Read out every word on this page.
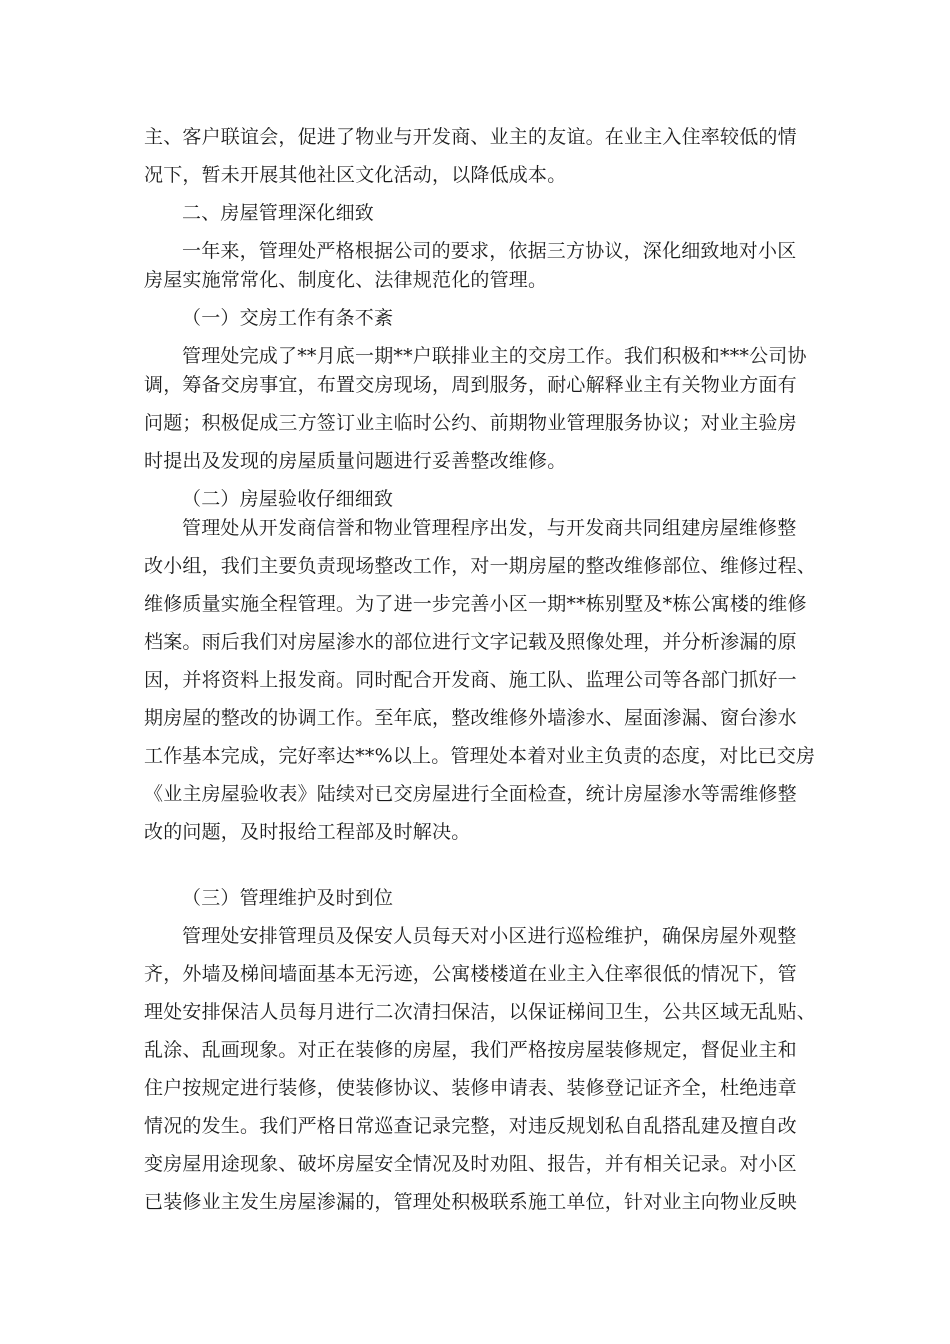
主、客户联谊会，促进了物业与开发商、业主的友谊。在业主入住率较低的情
况下，暂未开展其他社区文化活动，以降低成本。
二、房屋管理深化细致
一年来，管理处严格根据公司的要求，依据三方协议，深化细致地对小区
房屋实施常常化、制度化、法律规范化的管理。
（一）交房工作有条不紊
管理处完成了**月底一期**户联排业主的交房工作。我们积极和***公司协
调，筹备交房事宜，布置交房现场，周到服务，耐心解释业主有关物业方面有
问题；积极促成三方签订业主临时公约、前期物业管理服务协议；对业主验房
时提出及发现的房屋质量问题进行妥善整改维修。
（二）房屋验收仔细细致
管理处从开发商信誉和物业管理程序出发，与开发商共同组建房屋维修整
改小组，我们主要负责现场整改工作，对一期房屋的整改维修部位、维修过程、
维修质量实施全程管理。为了进一步完善小区一期**栋别墅及*栋公寓楼的维修
档案。雨后我们对房屋渗水的部位进行文字记载及照像处理，并分析渗漏的原
因，并将资料上报发商。同时配合开发商、施工队、监理公司等各部门抓好一
期房屋的整改的协调工作。至年底，整改维修外墙渗水、屋面渗漏、窗台渗水
工作基本完成，完好率达**%以上。管理处本着对业主负责的态度，对比已交房
《业主房屋验收表》陆续对已交房屋进行全面检查，统计房屋渗水等需维修整
改的问题，及时报给工程部及时解决。
（三）管理维护及时到位
管理处安排管理员及保安人员每天对小区进行巡检维护，确保房屋外观整
齐，外墙及梯间墙面基本无污迹，公寓楼楼道在业主入住率很低的情况下，管
理处安排保洁人员每月进行二次清扫保洁，以保证梯间卫生，公共区域无乱贴、
乱涂、乱画现象。对正在装修的房屋，我们严格按房屋装修规定，督促业主和
住户按规定进行装修，使装修协议、装修申请表、装修登记证齐全，杜绝违章
情况的发生。我们严格日常巡查记录完整，对违反规划私自乱搭乱建及擅自改
变房屋用途现象、破坏房屋安全情况及时劝阻、报告，并有相关记录。对小区
已装修业主发生房屋渗漏的，管理处积极联系施工单位，针对业主向物业反映
